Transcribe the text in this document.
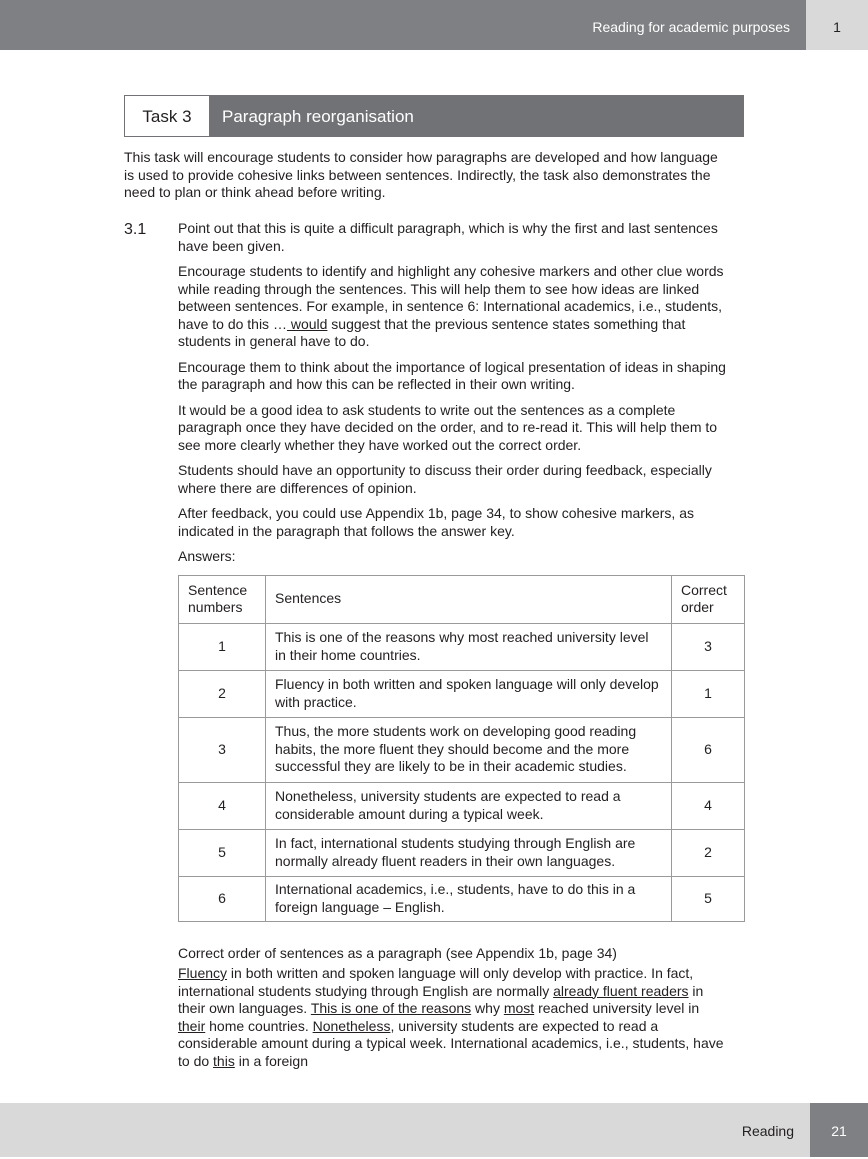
Reading for academic purposes	1
Task 3	Paragraph reorganisation

This task will encourage students to consider how paragraphs are developed and how language is used to provide cohesive links between sentences. Indirectly, the task also demonstrates the need to plan or think ahead before writing.

3.1 Point out that this is quite a difficult paragraph, which is why the first and last sentences have been given.

Encourage students to identify and highlight any cohesive markers and other clue words while reading through the sentences. This will help them to see how ideas are linked between sentences. For example, in sentence 6: International academics, i.e., students, have to do this … would suggest that the previous sentence states something that students in general have to do.

Encourage them to think about the importance of logical presentation of ideas in shaping the paragraph and how this can be reflected in their own writing.

It would be a good idea to ask students to write out the sentences as a complete paragraph once they have decided on the order, and to re-read it. This will help them to see more clearly whether they have worked out the correct order.

Students should have an opportunity to discuss their order during feedback, especially where there are differences of opinion.

After feedback, you could use Appendix 1b, page 34, to show cohesive markers, as indicated in the paragraph that follows the answer key.

Answers:

Sentence numbers	Sentences	Correct order
1	This is one of the reasons why most reached university level in their home countries.	3
2	Fluency in both written and spoken language will only develop with practice.	1
3	Thus, the more students work on developing good reading habits, the more fluent they should become and the more successful they are likely to be in their academic studies.	6
4	Nonetheless, university students are expected to read a considerable amount during a typical week.	4
5	In fact, international students studying through English are normally already fluent readers in their own languages.	2
6	International academics, i.e., students, have to do this in a foreign language – English.	5
Correct order of sentences as a paragraph (see Appendix 1b, page 34)

Fluency in both written and spoken language will only develop with practice. In fact, international students studying through English are normally already fluent readers in their own languages. This is one of the reasons why most reached university level in their home countries. Nonetheless, university students are expected to read a considerable amount during a typical week. International academics, i.e., students, have to do this in a foreign

Reading	21
